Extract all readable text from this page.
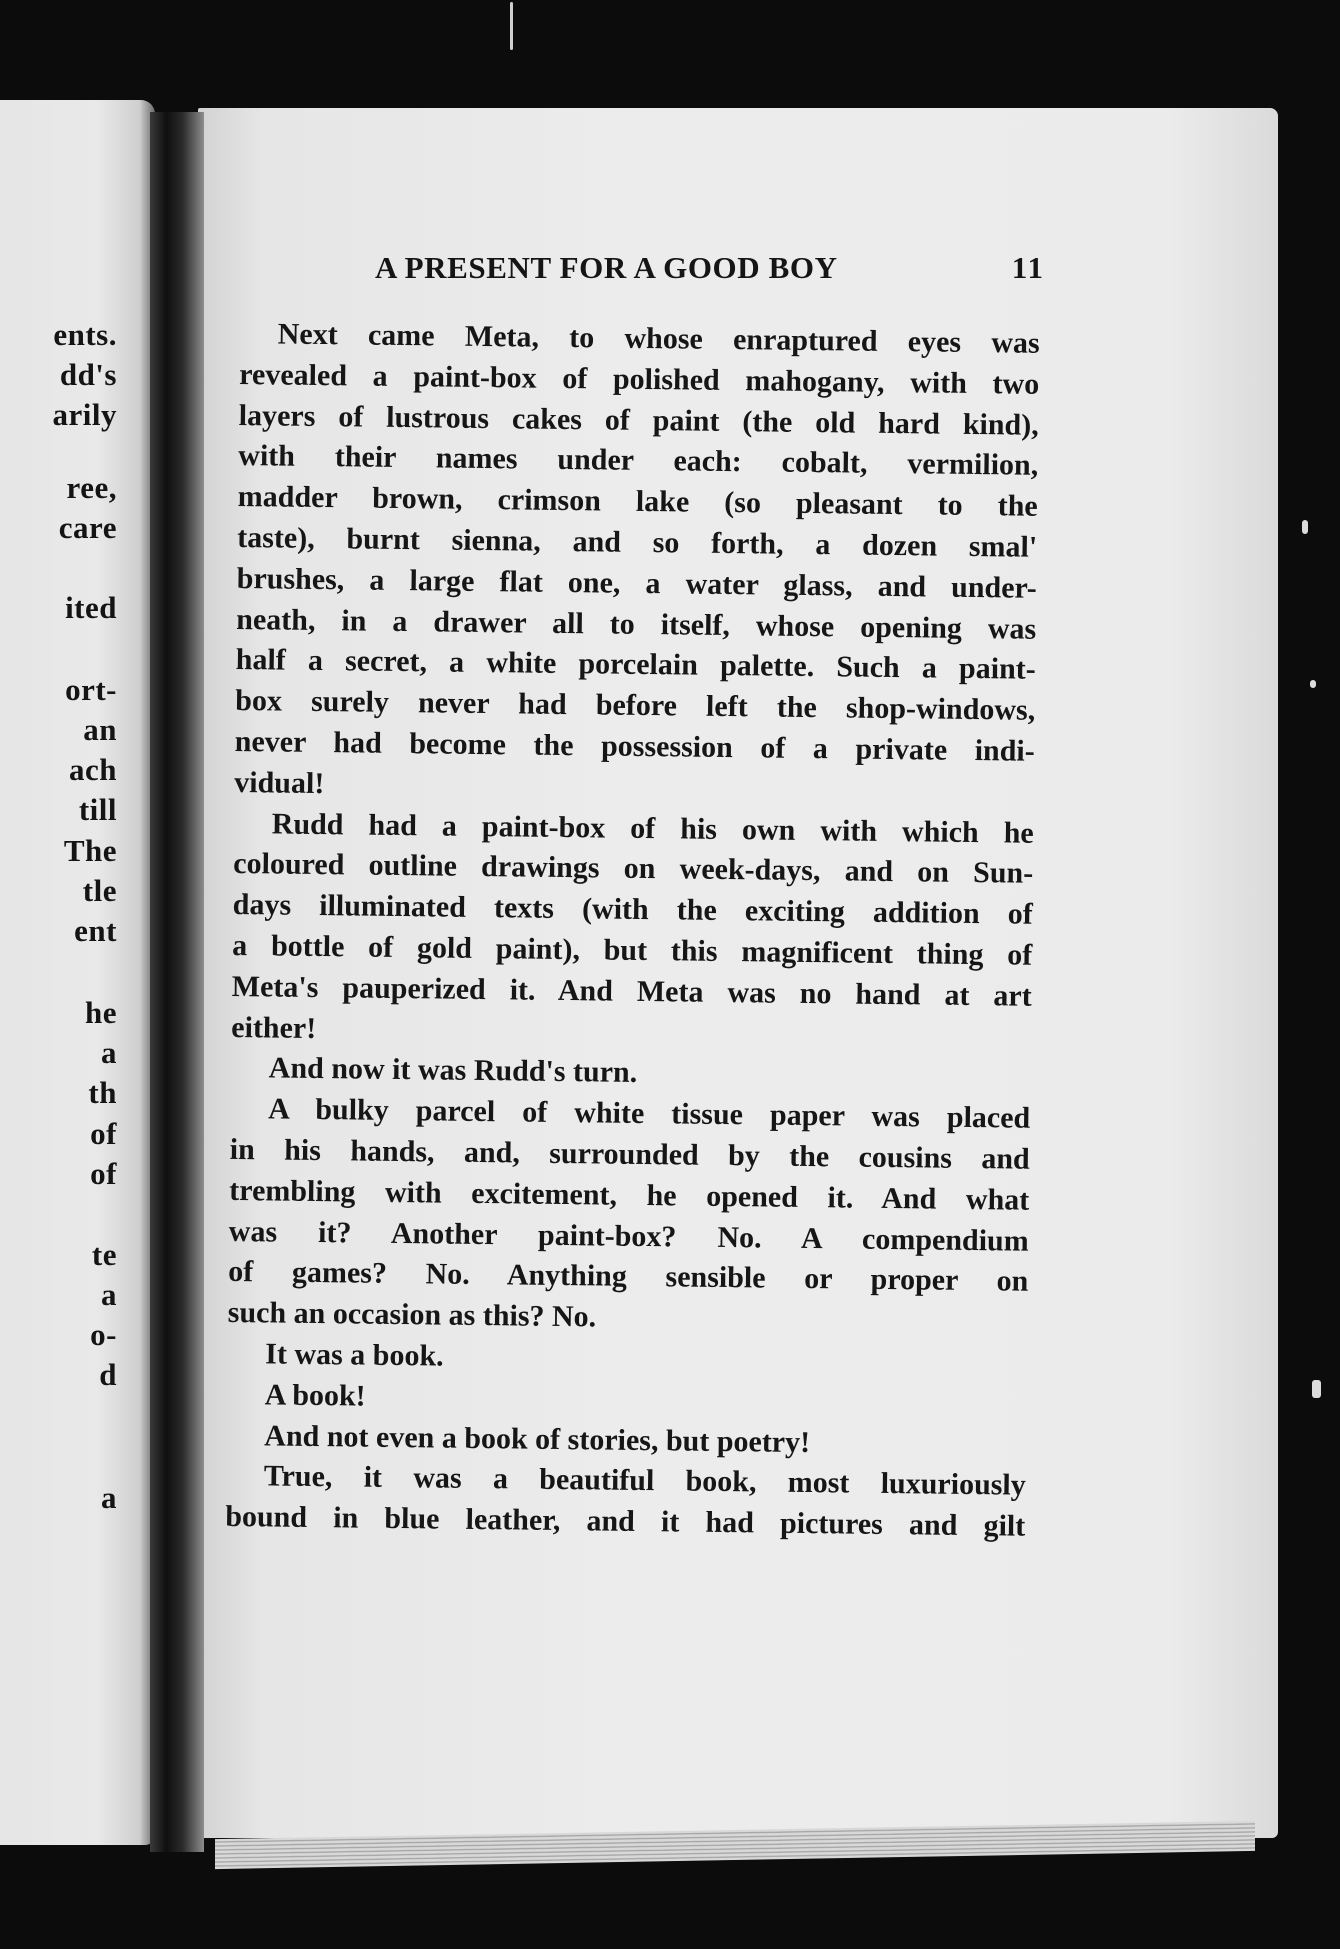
ents.
dd's
arily
ree,
care
ited
ort-
an
ach
till
The
tle
ent
he
a
th
of
of
te
a
o-
d
a
A PRESENT FOR A GOOD BOY	11
Next came Meta, to whose enraptured eyes was
revealed a paint-box of polished mahogany, with two
layers of lustrous cakes of paint (the old hard kind),
with their names under each: cobalt, vermilion,
madder brown, crimson lake (so pleasant to the
taste), burnt sienna, and so forth, a dozen smal'
brushes, a large flat one, a water glass, and under-
neath, in a drawer all to itself, whose opening was
half a secret, a white porcelain palette. Such a paint-
box surely never had before left the shop-windows,
never had become the possession of a private indi-
vidual!
Rudd had a paint-box of his own with which he
coloured outline drawings on week-days, and on Sun-
days illuminated texts (with the exciting addition of
a bottle of gold paint), but this magnificent thing of
Meta's pauperized it. And Meta was no hand at art
either!
And now it was Rudd's turn.
A bulky parcel of white tissue paper was placed
in his hands, and, surrounded by the cousins and
trembling with excitement, he opened it. And what
was it? Another paint-box? No. A compendium
of games? No. Anything sensible or proper on
such an occasion as this? No.
It was a book.
A book!
And not even a book of stories, but poetry!
True, it was a beautiful book, most luxuriously
bound in blue leather, and it had pictures and gilt
